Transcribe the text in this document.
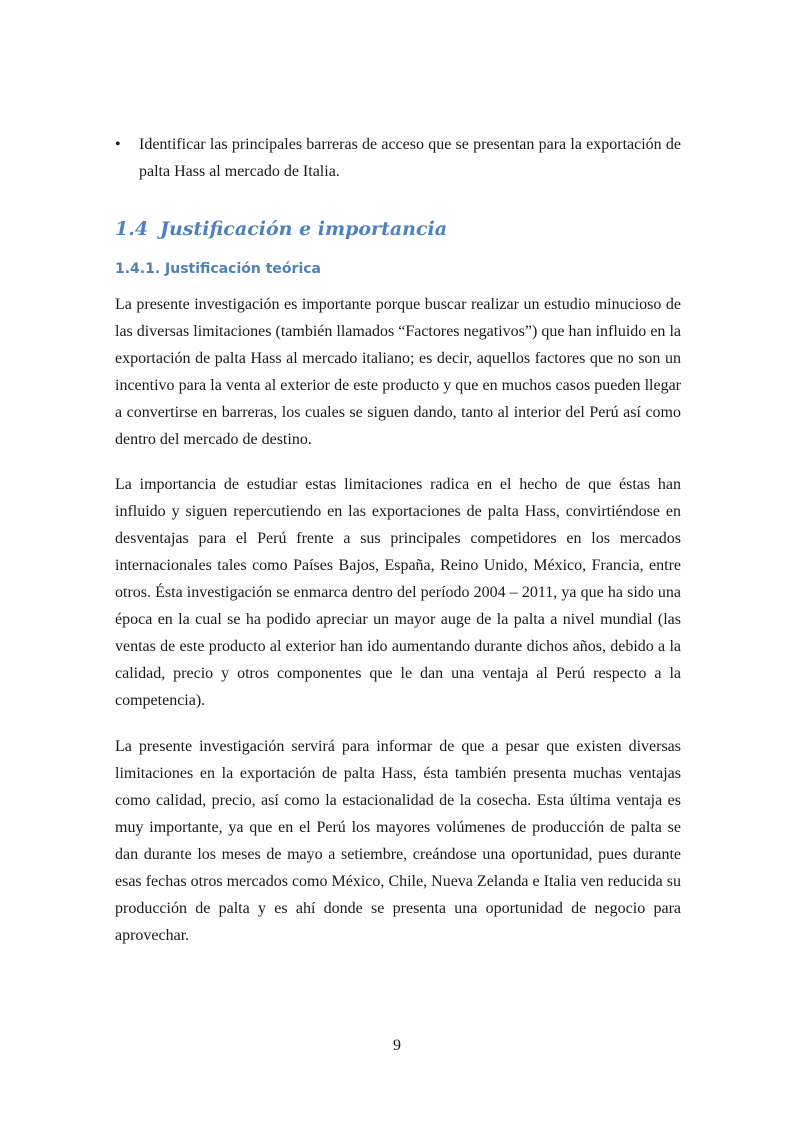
•	Identificar las principales barreras de acceso que se presentan para la exportación de palta Hass al mercado de Italia.

1.4 Justificación e importancia
1.4.1. Justificación teórica

La presente investigación es importante porque buscar realizar un estudio minucioso de las diversas limitaciones (también llamados “Factores negativos”) que han influido en la exportación de palta Hass al mercado italiano; es decir, aquellos factores que no son un incentivo para la venta al exterior de este producto y que en muchos casos pueden llegar a convertirse en barreras, los cuales se siguen dando, tanto al interior del Perú así como dentro del mercado de destino.

La importancia de estudiar estas limitaciones radica en el hecho de que éstas han influido y siguen repercutiendo en las exportaciones de palta Hass, convirtiéndose en desventajas para el Perú frente a sus principales competidores en los mercados internacionales tales como Países Bajos, España, Reino Unido, México, Francia, entre otros. Ésta investigación se enmarca dentro del período 2004 – 2011, ya que ha sido una época en la cual se ha podido apreciar un mayor auge de la palta a nivel mundial (las ventas de este producto al exterior han ido aumentando durante dichos años, debido a la calidad, precio y otros componentes que le dan una ventaja al Perú respecto a la competencia).

La presente investigación servirá para informar de que a pesar que existen diversas limitaciones en la exportación de palta Hass, ésta también presenta muchas ventajas como calidad, precio, así como la estacionalidad de la cosecha. Esta última ventaja es muy importante, ya que en el Perú los mayores volúmenes de producción de palta se dan durante los meses de mayo a setiembre, creándose una oportunidad, pues durante esas fechas otros mercados como México, Chile, Nueva Zelanda e Italia ven reducida su producción de palta y es ahí donde se presenta una oportunidad de negocio para aprovechar.

9
